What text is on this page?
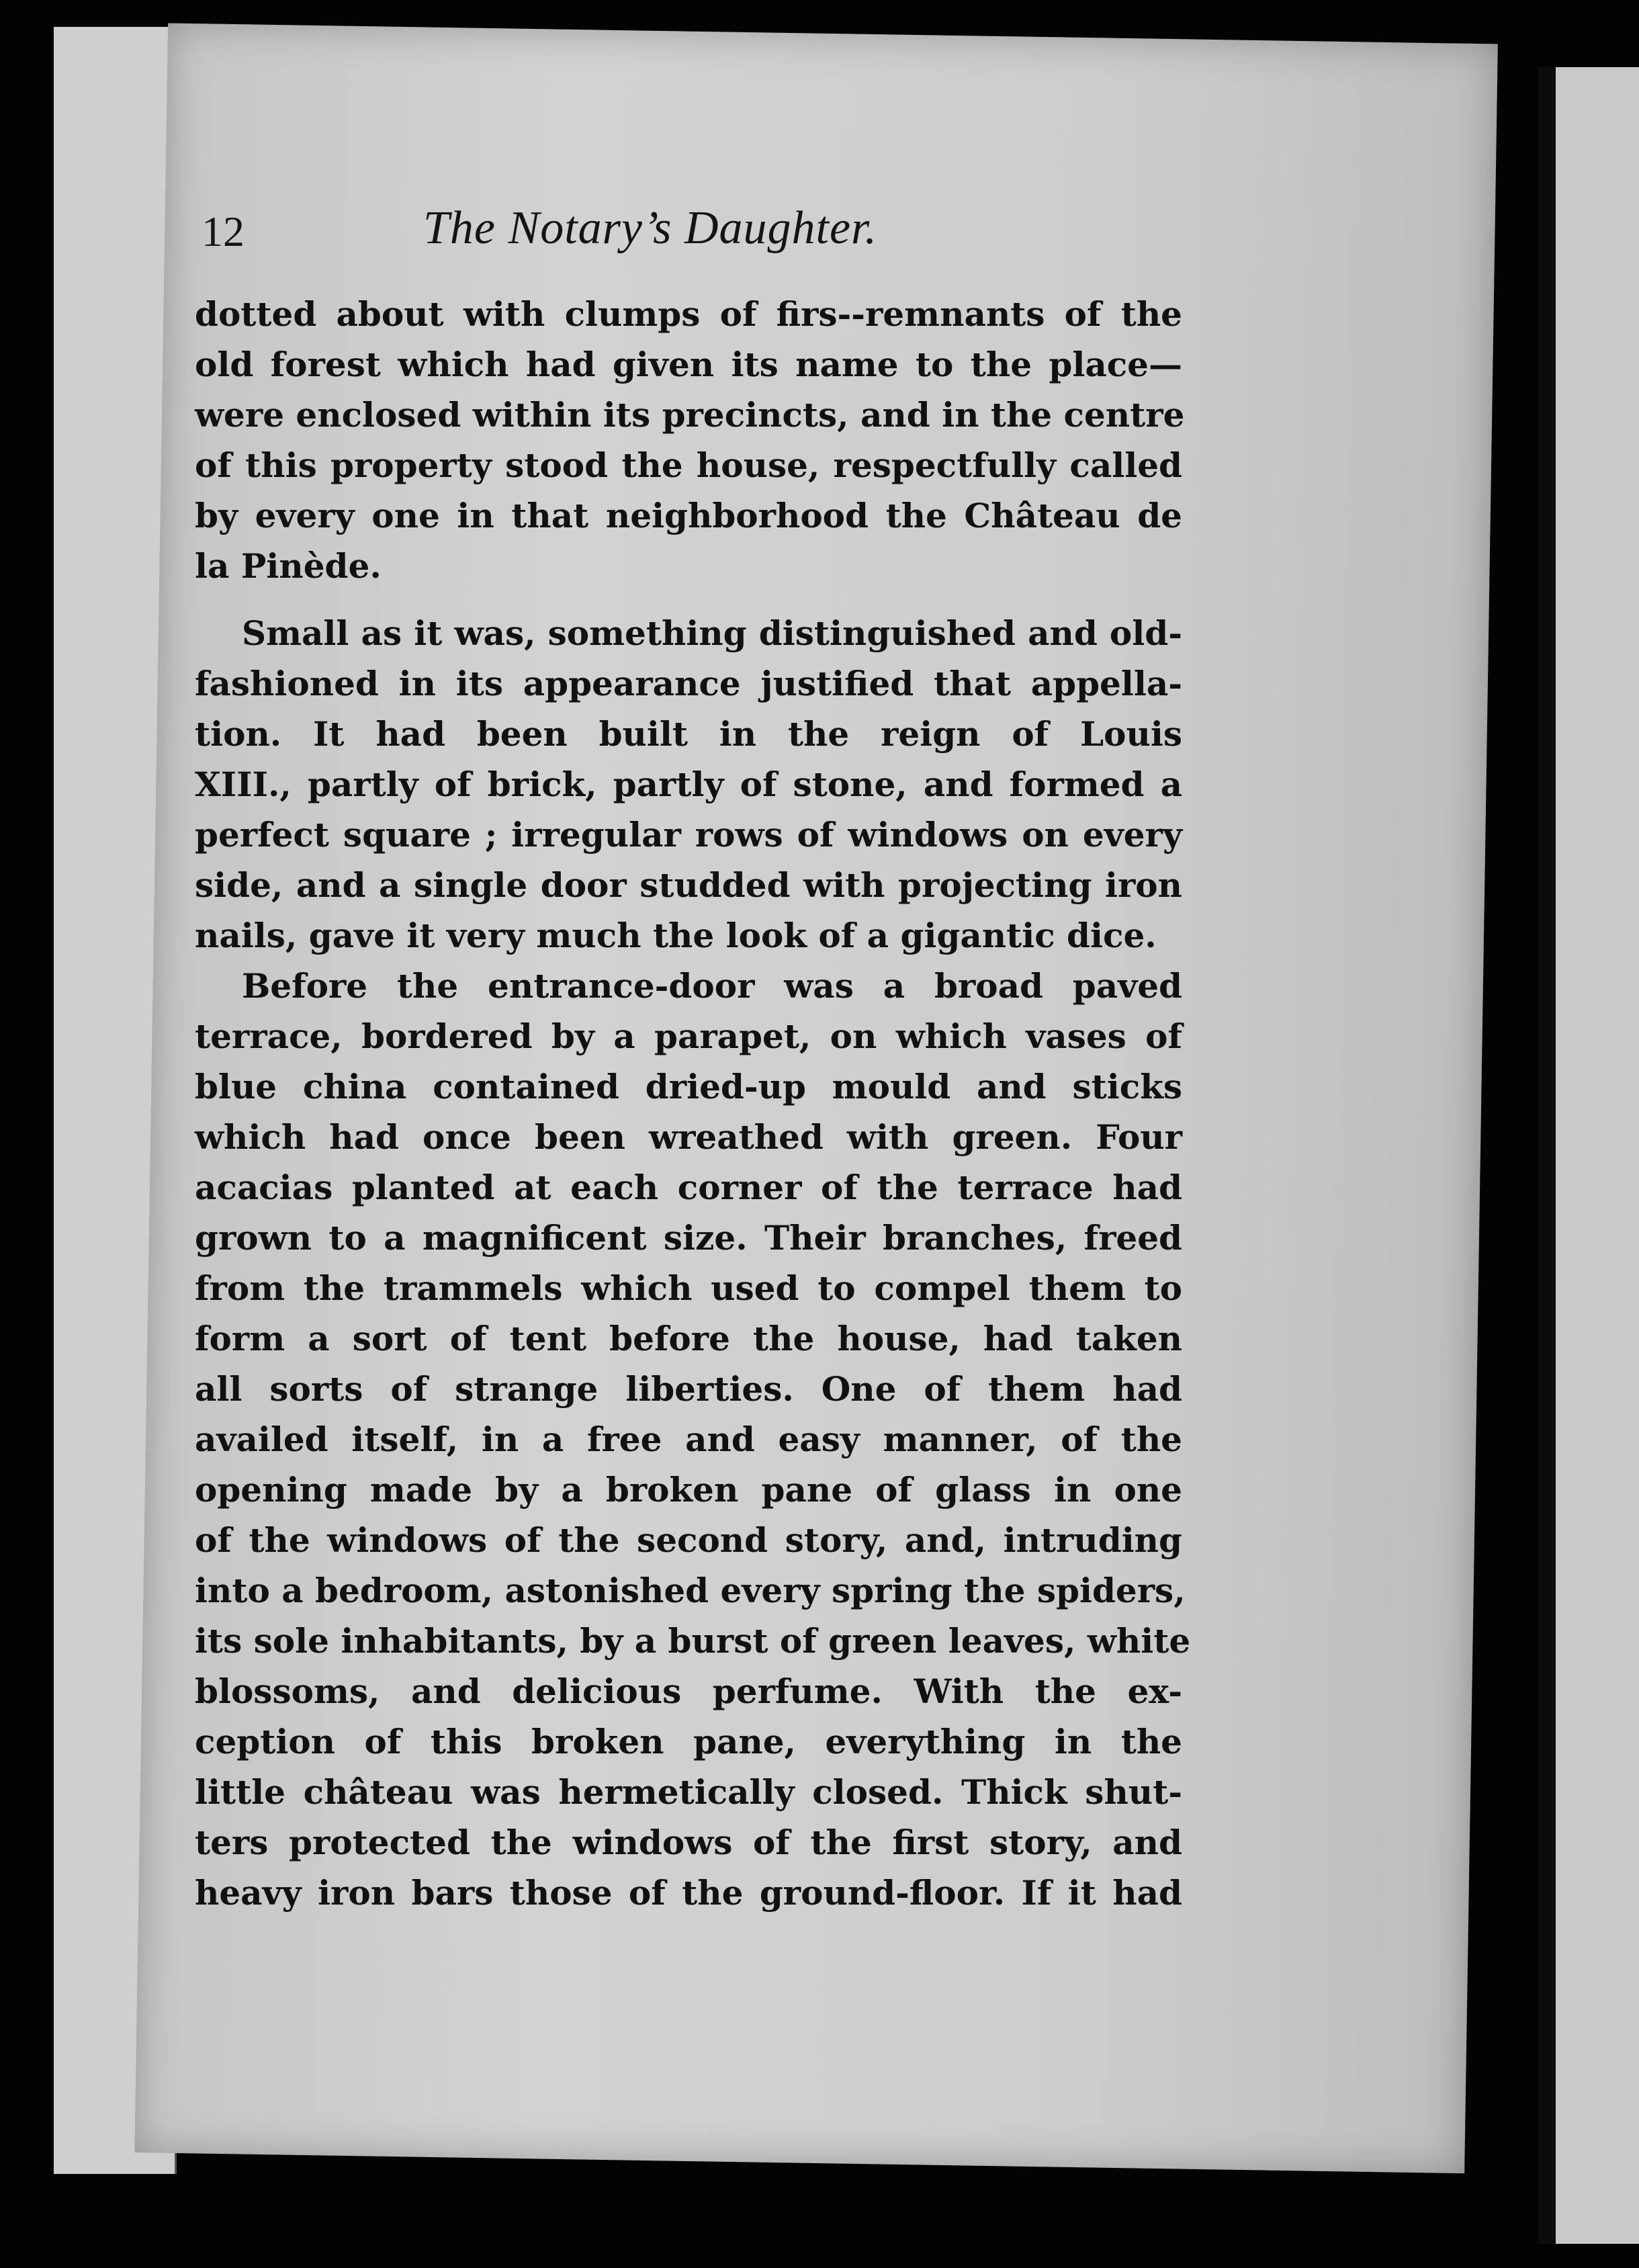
12	The Notary’s Daughter.
dotted about with clumps of firs--remnants of the
old forest which had given its name to the place—
were enclosed within its precincts, and in the centre
of this property stood the house, respectfully called
by every one in that neighborhood the Château de
la Pinède.
Small as it was, something distinguished and old-
fashioned in its appearance justified that appella-
tion. It had been built in the reign of Louis
XIII., partly of brick, partly of stone, and formed a
perfect square ; irregular rows of windows on every
side, and a single door studded with projecting iron
nails, gave it very much the look of a gigantic dice.
Before the entrance-door was a broad paved
terrace, bordered by a parapet, on which vases of
blue china contained dried-up mould and sticks
which had once been wreathed with green. Four
acacias planted at each corner of the terrace had
grown to a magnificent size. Their branches, freed
from the trammels which used to compel them to
form a sort of tent before the house, had taken
all sorts of strange liberties. One of them had
availed itself, in a free and easy manner, of the
opening made by a broken pane of glass in one
of the windows of the second story, and, intruding
into a bedroom, astonished every spring the spiders,
its sole inhabitants, by a burst of green leaves, white
blossoms, and delicious perfume. With the ex-
ception of this broken pane, everything in the
little château was hermetically closed. Thick shut-
ters protected the windows of the first story, and
heavy iron bars those of the ground-floor. If it had
